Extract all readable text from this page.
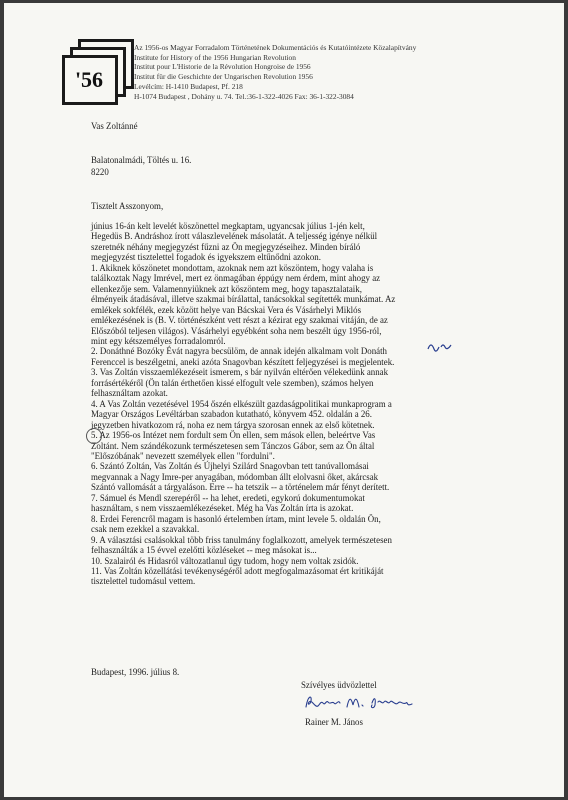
'56
Az 1956-os Magyar Forradalom Történetének Dokumentációs és Kutatóintézete Közalapítvány
Institute for History of the 1956 Hungarian Revolution
Institut pour L'Historie de la Révolution Hongroise de 1956
Institut für die Geschichte der Ungarischen Revolution 1956
Levélcím: H-1410 Budapest, Pf. 218
H-1074 Budapest , Dohány u. 74. Tel.:36-1-322-4026 Fax: 36-1-322-3084
Vas Zoltánné
Balatonalmádi, Töltés u. 16.
8220
Tisztelt Asszonyom,
június 16-án kelt levelét köszönettel megkaptam, ugyancsak július 1-jén kelt,
Hegedüs B. Andráshoz írott válaszlevelének másolatát. A teljesség igénye nélkül
szeretnék néhány megjegyzést fűzni az Ön megjegyzéseihez. Minden bíráló
megjegyzést tisztelettel fogadok és igyekszem eltűnődni azokon.
1. Akiknek köszönetet mondottam, azoknak nem azt köszöntem, hogy valaha is
találkoztak Nagy Imrével, mert ez önmagában éppúgy nem érdem, mint ahogy az
ellenkezője sem. Valamennyiüknek azt köszöntem meg, hogy tapasztalataik,
élményeik átadásával, illetve szakmai bírálattal, tanácsokkal segítették munkámat. Az
emlékek sokfélék, ezek között helye van Bácskai Vera és Vásárhelyi Miklós
emlékezésének is (B. V. történészként vett részt a kézirat egy szakmai vitáján, de az
Előszóból teljesen világos). Vásárhelyi egyébként soha nem beszélt úgy 1956-ról,
mint egy kétszemélyes forradalomról.
2. Donáthné Bozóky Évát nagyra becsülöm, de annak idején alkalmam volt Donáth
Ferenccel is beszélgetni, aneki azóta Snagovban készített feljegyzései is megjelentek.
3. Vas Zoltán visszaemlékezéseit ismerem, s bár nyilván eltérően vélekedünk annak
forrásértékéről (Ön talán érthetően kissé elfogult vele szemben), számos helyen
felhasználtam azokat.
4. A Vas Zoltán vezetésével 1954 őszén elkészült gazdaságpolitikai munkaprogram a
Magyar Országos Levéltárban szabadon kutatható, könyvem 452. oldalán a 26.
jegyzetben hivatkozom rá, noha ez nem tárgya szorosan ennek az első kötetnek.
5. Az 1956-os Intézet nem fordult sem Ön ellen, sem mások ellen, beleértve Vas
Zoltánt. Nem szándékozunk természetesen sem Tánczos Gábor, sem az Ön által
"Előszóbának" nevezett személyek ellen "fordulni".
6. Szántó Zoltán, Vas Zoltán és Újhelyi Szilárd Snagovban tett tanúvallomásai
megvannak a Nagy Imre-per anyagában, módomban állt elolvasni őket, akárcsak
Szántó vallomását a tárgyaláson. Erre -- ha tetszik -- a történelem már fényt derített.
7. Sámuel és Mendl szerepéről -- ha lehet, eredeti, egykorú dokumentumokat
használtam, s nem visszaemlékezéseket. Még ha Vas Zoltán írta is azokat.
8. Erdei Ferencről magam is hasonló értelemben írtam, mint levele 5. oldalán Ön,
csak nem ezekkel a szavakkal.
9. A választási csalásokkal több friss tanulmány foglalkozott, amelyek természetesen
felhasználták a 15 évvel ezelőtti közléseket -- meg másokat is...
10. Szalairól és Hidasról változatlanul úgy tudom, hogy nem voltak zsidók.
11. Vas Zoltán közellátási tevékenységéről adott megfogalmazásomat ért kritikáját
tisztelettel tudomásul vettem.
Budapest, 1996. július 8.
Szívélyes üdvözlettel
Rainer M. János
